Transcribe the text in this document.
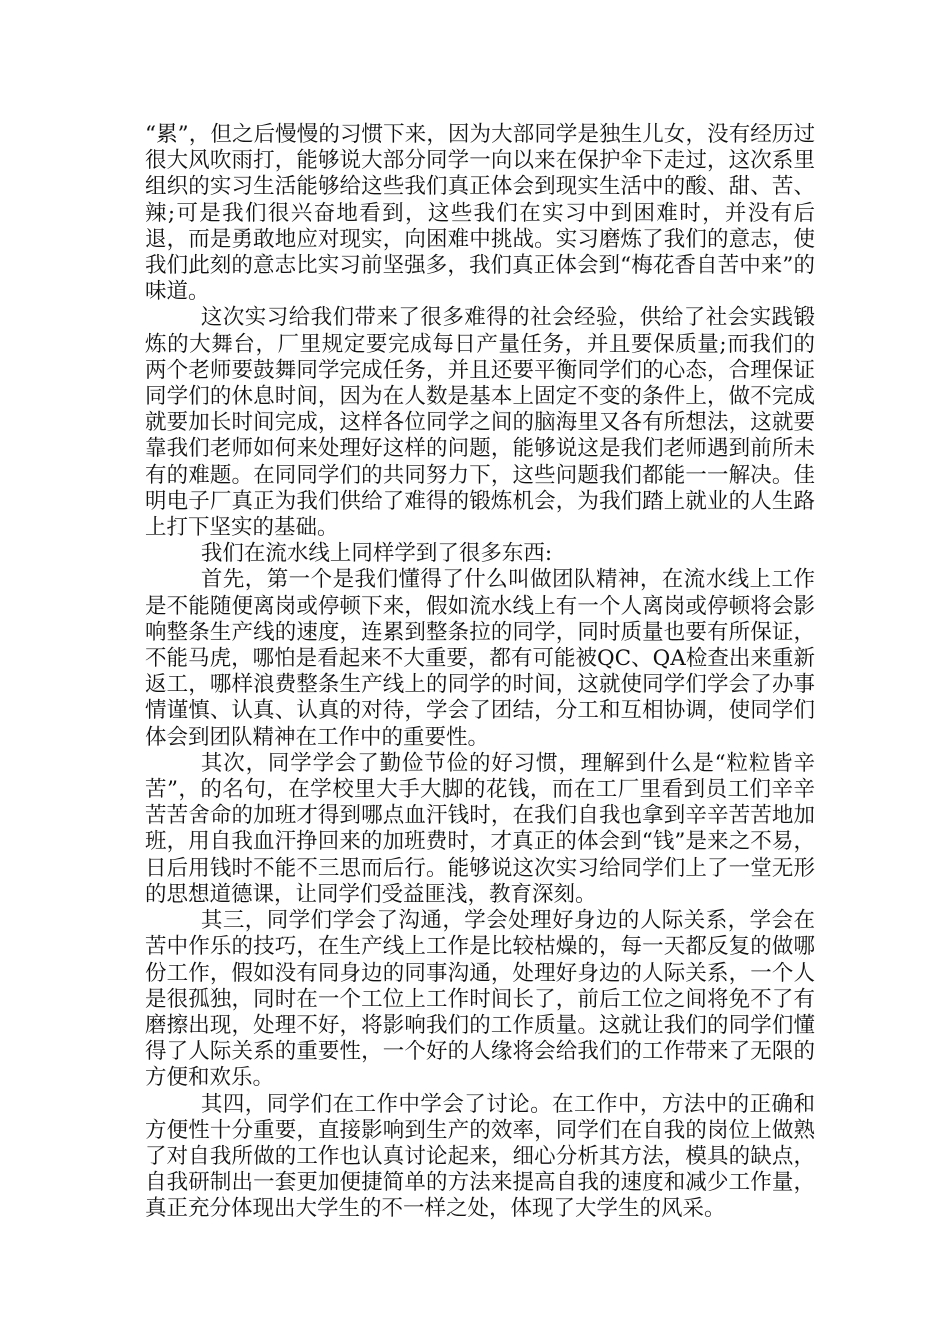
“累”，但之后慢慢的习惯下来，因为大部同学是独生儿女，没有经历过很大风吹雨打，能够说大部分同学一向以来在保护伞下走过，这次系里组织的实习生活能够给这些我们真正体会到现实生活中的酸、甜、苦、辣;可是我们很兴奋地看到，这些我们在实习中到困难时，并没有后退，而是勇敢地应对现实，向困难中挑战。实习磨炼了我们的意志，使我们此刻的意志比实习前坚强多，我们真正体会到“梅花香自苦中来”的味道。

这次实习给我们带来了很多难得的社会经验，供给了社会实践锻炼的大舞台，厂里规定要完成每日产量任务，并且要保质量;而我们的两个老师要鼓舞同学完成任务，并且还要平衡同学们的心态，合理保证同学们的休息时间，因为在人数是基本上固定不变的条件上，做不完成就要加长时间完成，这样各位同学之间的脑海里又各有所想法，这就要靠我们老师如何来处理好这样的问题，能够说这是我们老师遇到前所未有的难题。在同同学们的共同努力下，这些问题我们都能一一解决。佳明电子厂真正为我们供给了难得的锻炼机会，为我们踏上就业的人生路上打下坚实的基础。

我们在流水线上同样学到了很多东西:

首先，第一个是我们懂得了什么叫做团队精神，在流水线上工作是不能随便离岗或停顿下来，假如流水线上有一个人离岗或停顿将会影响整条生产线的速度，连累到整条拉的同学，同时质量也要有所保证，不能马虎，哪怕是看起来不大重要，都有可能被QC、QA检查出来重新返工，哪样浪费整条生产线上的同学的时间，这就使同学们学会了办事情谨慎、认真、认真的对待，学会了团结，分工和互相协调，使同学们体会到团队精神在工作中的重要性。

其次，同学学会了勤俭节俭的好习惯，理解到什么是“粒粒皆辛苦”，的名句，在学校里大手大脚的花钱，而在工厂里看到员工们辛辛苦苦舍命的加班才得到哪点血汗钱时，在我们自我也拿到辛辛苦苦地加班，用自我血汗挣回来的加班费时，才真正的体会到“钱”是来之不易，日后用钱时不能不三思而后行。能够说这次实习给同学们上了一堂无形的思想道德课，让同学们受益匪浅，教育深刻。

其三，同学们学会了沟通，学会处理好身边的人际关系，学会在苦中作乐的技巧，在生产线上工作是比较枯燥的，每一天都反复的做哪份工作，假如没有同身边的同事沟通，处理好身边的人际关系，一个人是很孤独，同时在一个工位上工作时间长了，前后工位之间将免不了有磨擦出现，处理不好，将影响我们的工作质量。这就让我们的同学们懂得了人际关系的重要性，一个好的人缘将会给我们的工作带来了无限的方便和欢乐。

其四，同学们在工作中学会了讨论。在工作中，方法中的正确和方便性十分重要，直接影响到生产的效率，同学们在自我的岗位上做熟了对自我所做的工作也认真讨论起来，细心分析其方法，模具的缺点，自我研制出一套更加便捷简单的方法来提高自我的速度和减少工作量，真正充分体现出大学生的不一样之处，体现了大学生的风采。
